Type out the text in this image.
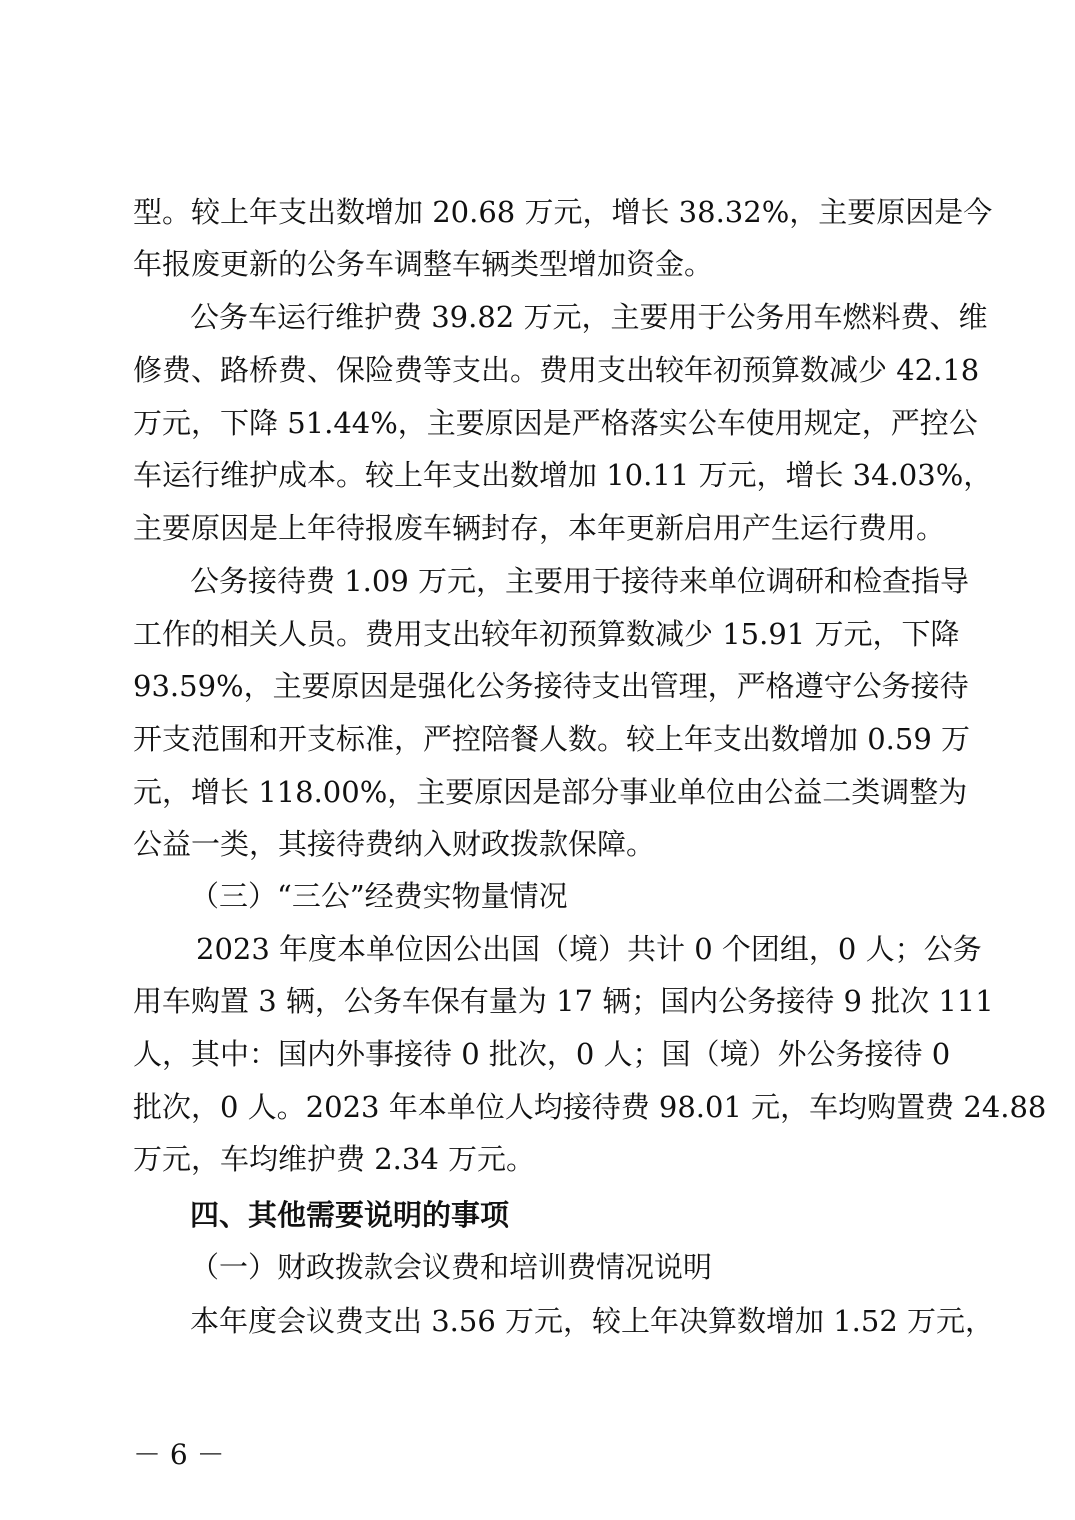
型。较上年支出数增加 20.68 万元，增长 38.32%，主要原因是今
年报废更新的公务车调整车辆类型增加资金。
公务车运行维护费 39.82 万元，主要用于公务用车燃料费、维
修费、路桥费、保险费等支出。费用支出较年初预算数减少 42.18
万元，下降 51.44%，主要原因是严格落实公车使用规定，严控公
车运行维护成本。较上年支出数增加 10.11 万元，增长 34.03%，
主要原因是上年待报废车辆封存，本年更新启用产生运行费用。
公务接待费 1.09 万元，主要用于接待来单位调研和检查指导
工作的相关人员。费用支出较年初预算数减少 15.91 万元，下降
93.59%，主要原因是强化公务接待支出管理，严格遵守公务接待
开支范围和开支标准，严控陪餐人数。较上年支出数增加 0.59 万
元，增长 118.00%，主要原因是部分事业单位由公益二类调整为
公益一类，其接待费纳入财政拨款保障。
（三）“三公”经费实物量情况
2023 年度本单位因公出国（境）共计 0 个团组，0 人；公务
用车购置 3 辆，公务车保有量为 17 辆；国内公务接待 9 批次 111
人，其中：国内外事接待 0 批次，0 人；国（境）外公务接待 0
批次，0 人。2023 年本单位人均接待费 98.01 元，车均购置费 24.88
万元，车均维护费 2.34 万元。
四、其他需要说明的事项
（一）财政拨款会议费和培训费情况说明
本年度会议费支出 3.56 万元，较上年决算数增加 1.52 万元，
－ 6 －
